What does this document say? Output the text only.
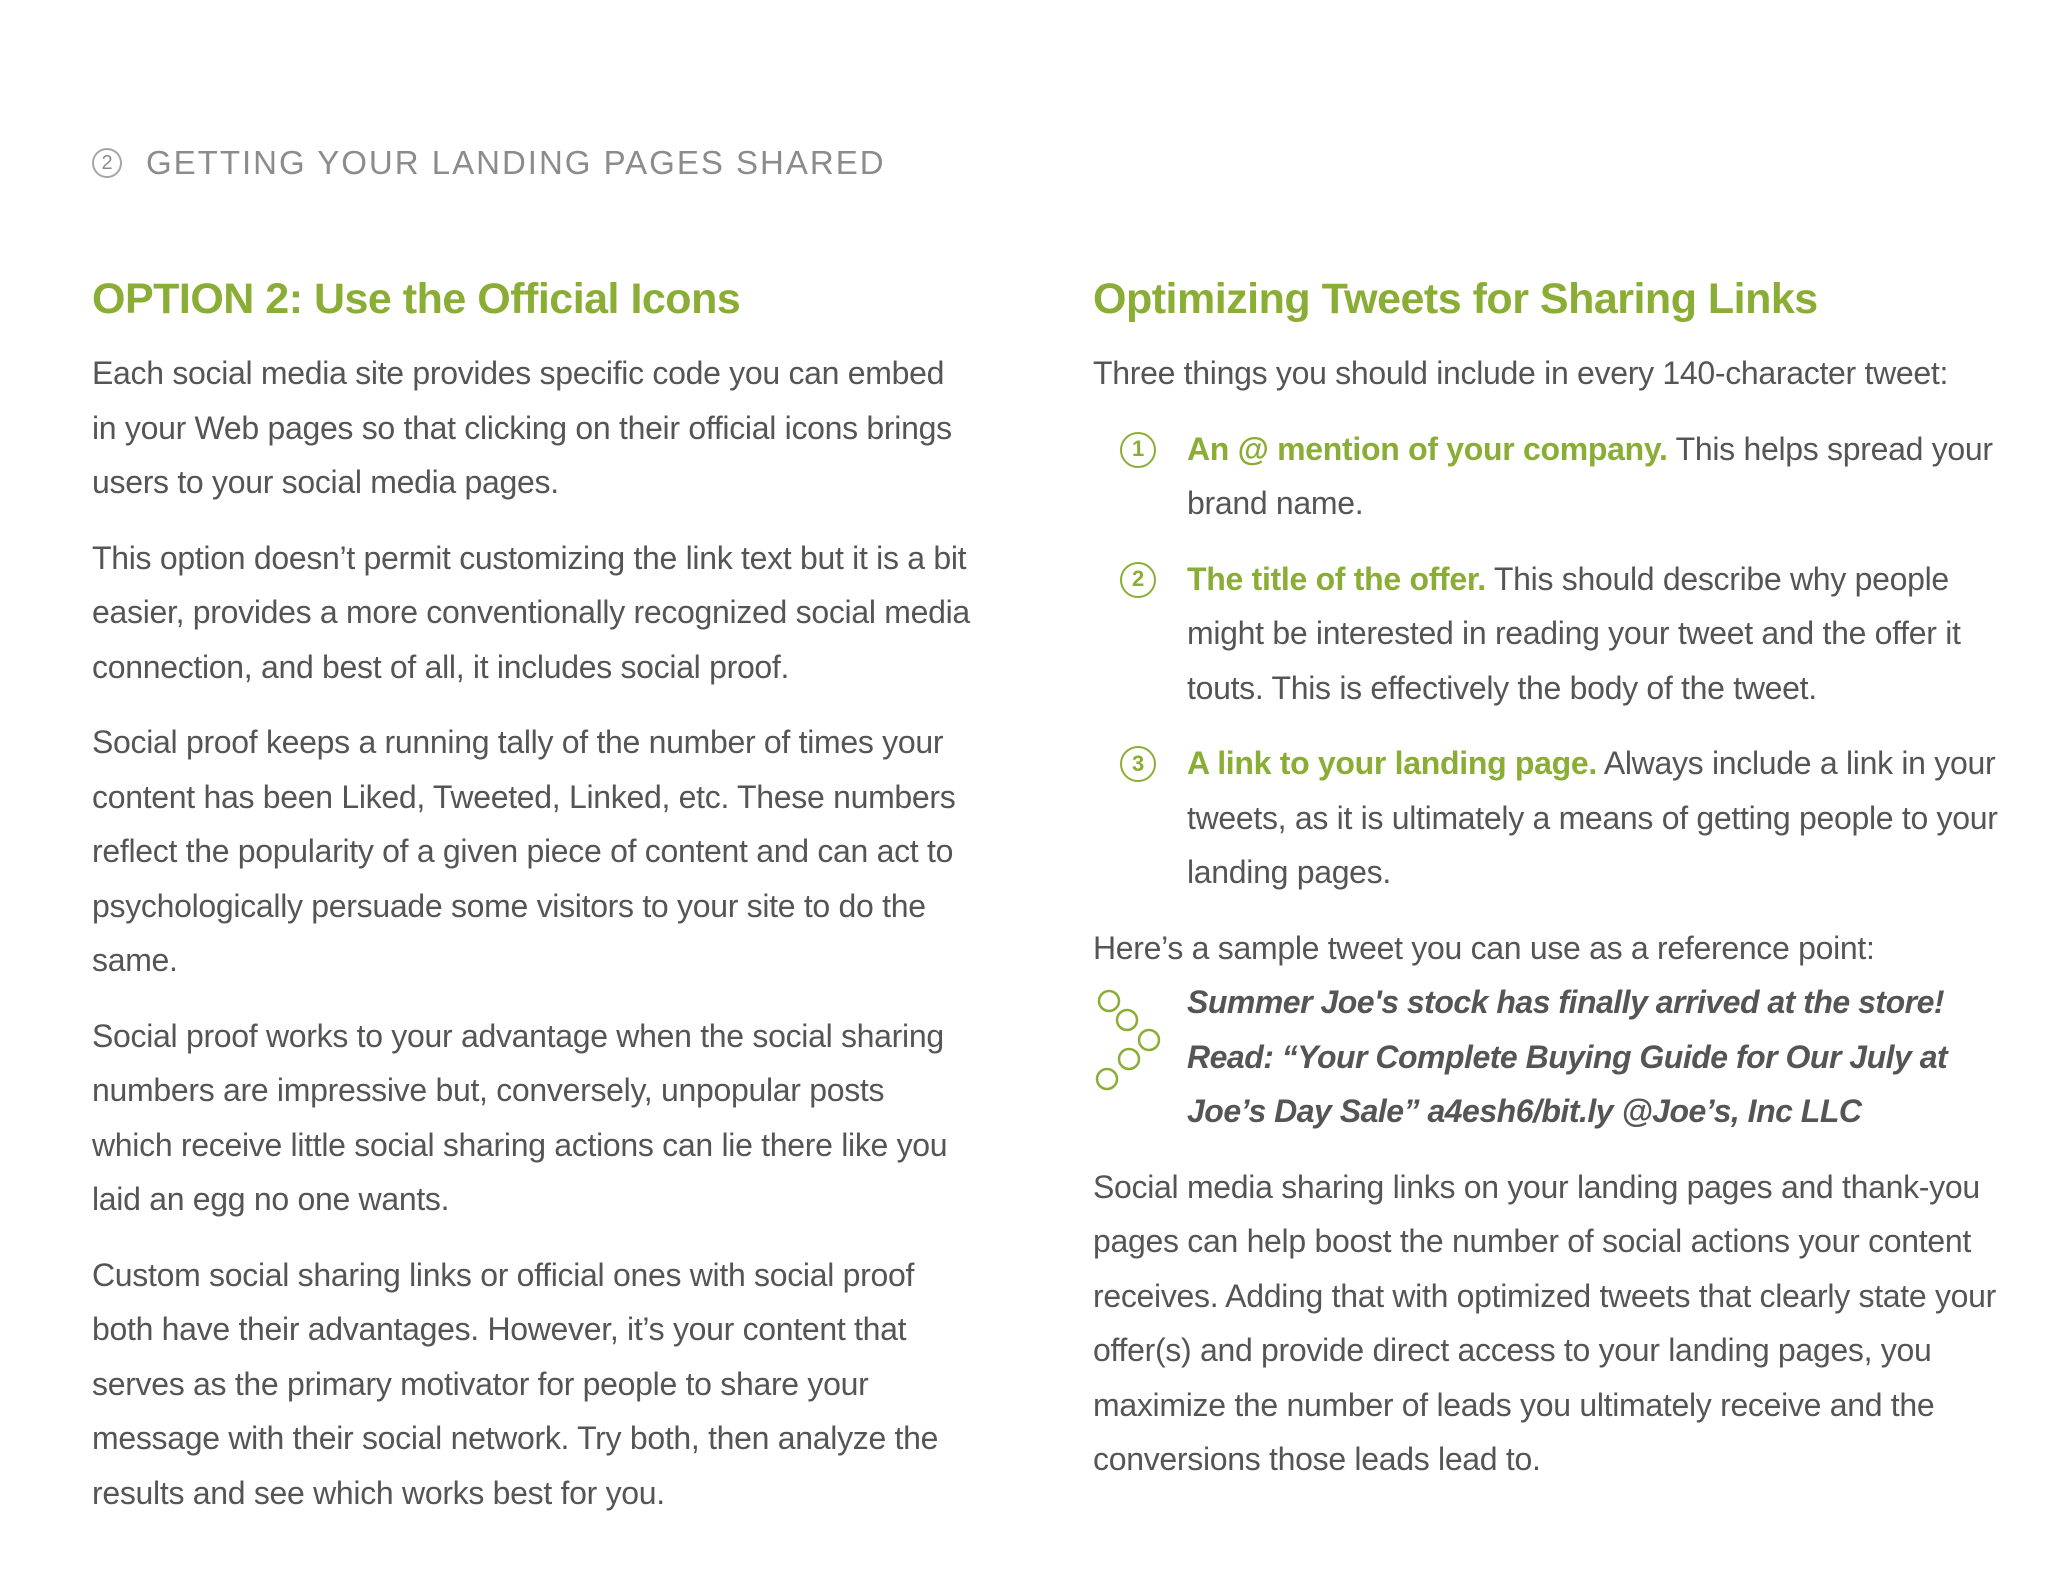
2 GETTING YOUR LANDING PAGES SHARED
OPTION 2: Use the Official Icons

Each social media site provides specific code you can embed in your Web pages so that clicking on their official icons brings users to your social media pages.

This option doesn’t permit customizing the link text but it is a bit easier, provides a more conventionally recognized social media connection, and best of all, it includes social proof.

Social proof keeps a running tally of the number of times your content has been Liked, Tweeted, Linked, etc. These numbers reflect the popularity of a given piece of content and can act to psychologically persuade some visitors to your site to do the same.

Social proof works to your advantage when the social sharing numbers are impressive but, conversely, unpopular posts which receive little social sharing actions can lie there like you laid an egg no one wants.

Custom social sharing links or official ones with social proof both have their advantages. However, it’s your content that serves as the primary motivator for people to share your message with their social network. Try both, then analyze the results and see which works best for you.

Optimizing Tweets for Sharing Links

Three things you should include in every 140-character tweet:

1	An @ mention of your company. This helps spread your brand name.
2	The title of the offer. This should describe why people might be interested in reading your tweet and the offer it touts. This is effectively the body of the tweet.
3	A link to your landing page. Always include a link in your tweets, as it is ultimately a means of getting people to your landing pages.

Here’s a sample tweet you can use as a reference point:

Summer Joe's stock has finally arrived at the store! Read: “Your Complete Buying Guide for Our July at Joe’s Day Sale” a4esh6/bit.ly @Joe’s, Inc LLC

Social media sharing links on your landing pages and thank-you pages can help boost the number of social actions your content receives. Adding that with optimized tweets that clearly state your offer(s) and provide direct access to your landing pages, you maximize the number of leads you ultimately receive and the conversions those leads lead to.
